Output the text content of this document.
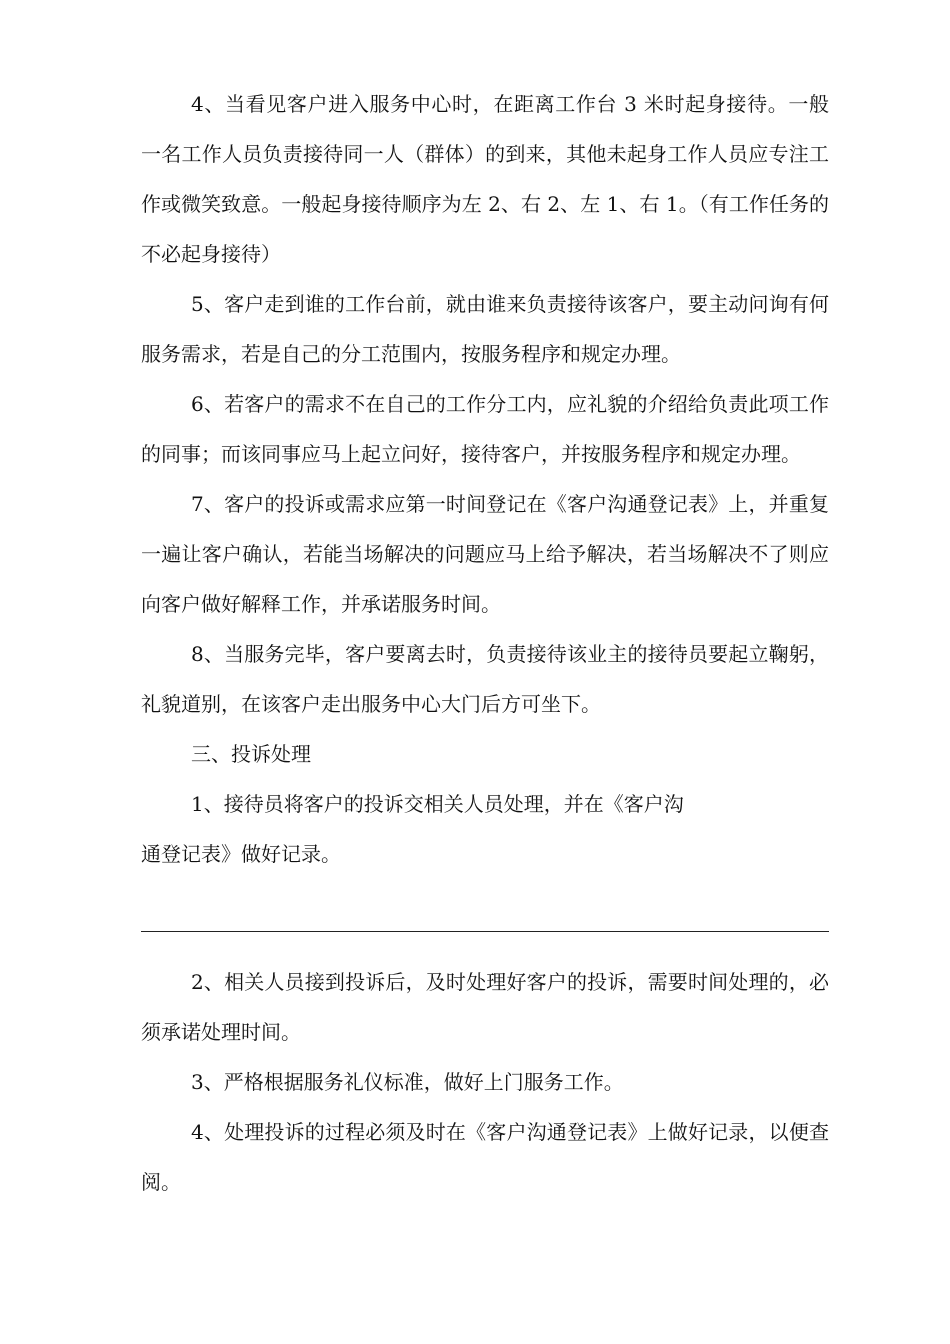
4、当看见客户进入服务中心时，在距离工作台 3 米时起身接待。一般一名工作人员负责接待同一人（群体）的到来，其他未起身工作人员应专注工作或微笑致意。一般起身接待顺序为左 2、右 2、左 1、右 1。（有工作任务的不必起身接待）

5、客户走到谁的工作台前，就由谁来负责接待该客户，要主动问询有何服务需求，若是自己的分工范围内，按服务程序和规定办理。

6、若客户的需求不在自己的工作分工内，应礼貌的介绍给负责此项工作的同事；而该同事应马上起立问好，接待客户，并按服务程序和规定办理。

7、客户的投诉或需求应第一时间登记在《客户沟通登记表》上，并重复一遍让客户确认，若能当场解决的问题应马上给予解决，若当场解决不了则应向客户做好解释工作，并承诺服务时间。

8、当服务完毕，客户要离去时，负责接待该业主的接待员要起立鞠躬，礼貌道别，在该客户走出服务中心大门后方可坐下。

三、投诉处理

1、接待员将客户的投诉交相关人员处理，并在《客户沟

通登记表》做好记录。

2、相关人员接到投诉后，及时处理好客户的投诉，需要时间处理的，必须承诺处理时间。

3、严格根据服务礼仪标准，做好上门服务工作。

4、处理投诉的过程必须及时在《客户沟通登记表》上做好记录，以便查阅。
